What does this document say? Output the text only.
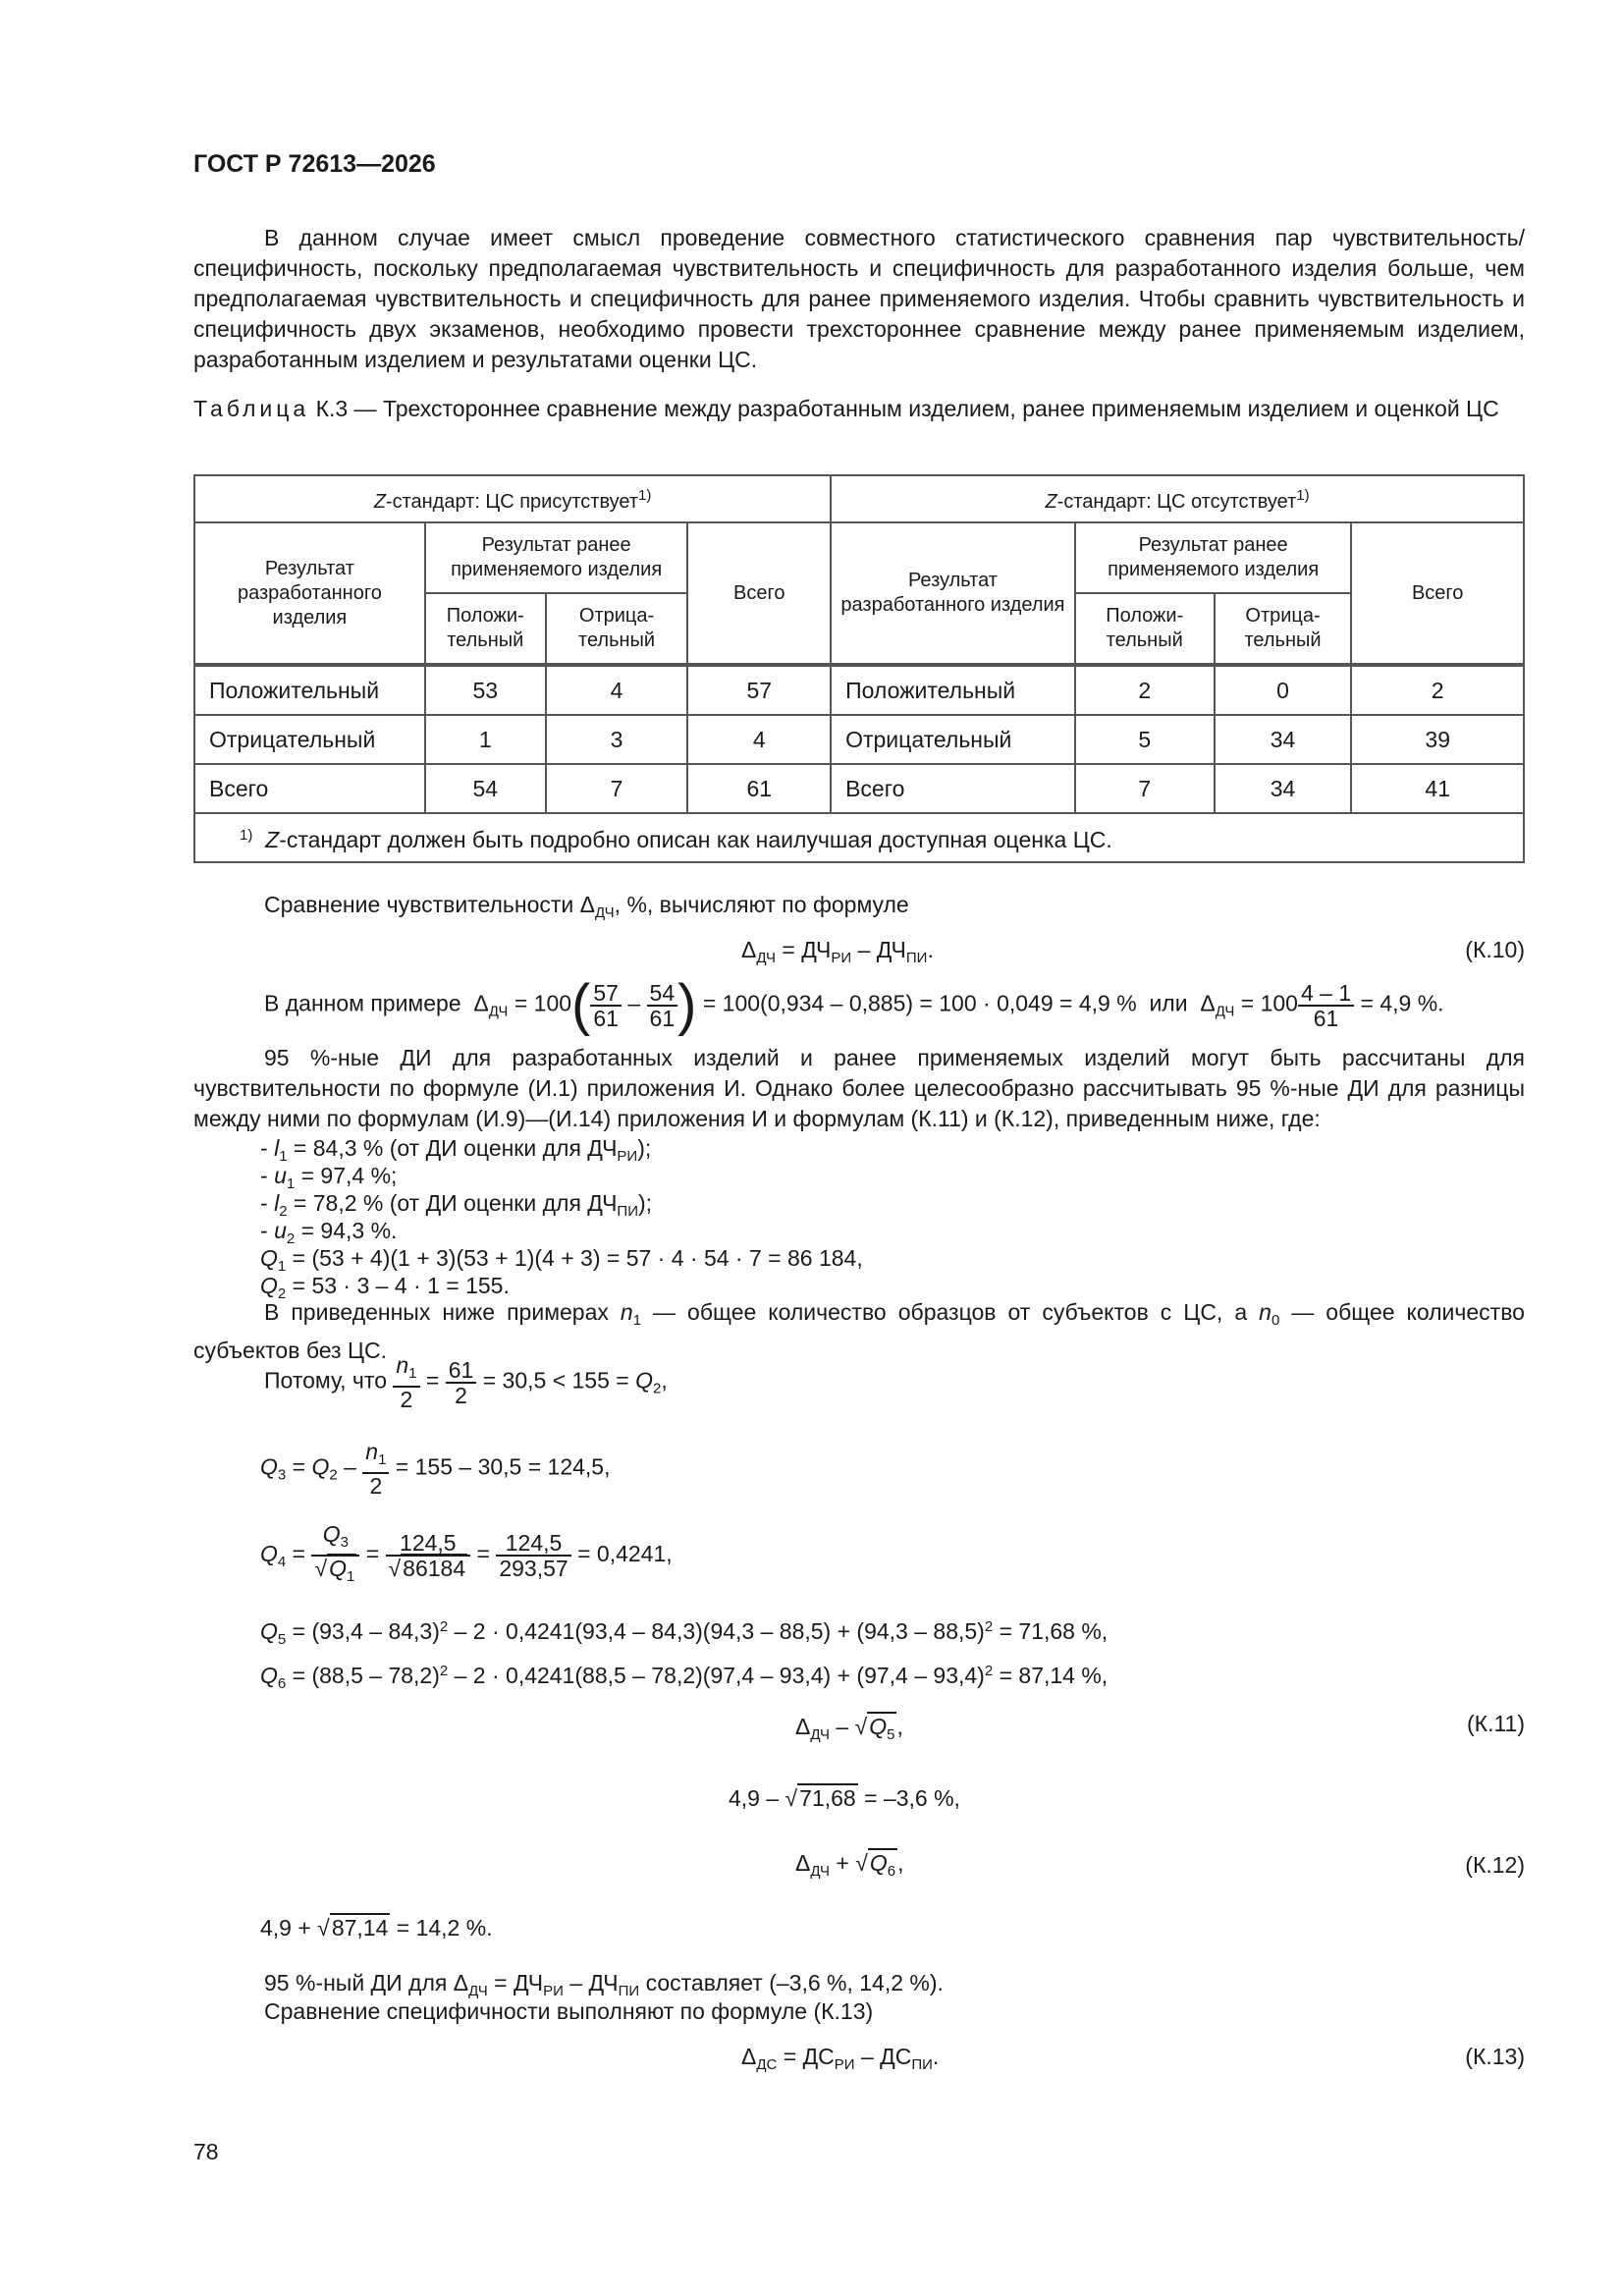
ГОСТ Р 72613—2026
В данном случае имеет смысл проведение совместного статистического сравнения пар чувствительность/специфичность, поскольку предполагаемая чувствительность и специфичность для разработанного изделия больше, чем предполагаемая чувствительность и специфичность для ранее применяемого изделия. Чтобы сравнить чувствительность и специфичность двух экзаменов, необходимо провести трехстороннее сравнение между ранее применяемым изделием, разработанным изделием и результатами оценки ЦС.
Таблица К.3 — Трехстороннее сравнение между разработанным изделием, ранее применяемым изделием и оценкой ЦС
Z-стандарт: ЦС присутствует$^{1)}$				Z-стандарт: ЦС отсутствует$^{1)}$
Результат разработанного изделия	Результат ранее применяемого изделия		Всего	Результат разработанного изделия	Результат ранее применяемого изделия		Всего
	Положи-тельный	Отрица-тельный			Положи-тельный	Отрица-тельный	
Положительный	53	4	57	Положительный	2	0	2
Отрицательный	1	3	4	Отрицательный	5	34	39
Всего	54	7	61	Всего	7	34	41
$^{1)}$ Z-стандарт должен быть подробно описан как наилучшая доступная оценка ЦС.							
Сравнение чувствительности $\Delta_{ДЧ}$, %, вычисляют по формуле
$\Delta_{ДЧ} = ДЧ_{РИ} - ДЧ_{ПИ}$.	(К.10)
В данном примере  $\Delta_{ДЧ} = 100( \frac{57}{61} - \frac{54}{61}$ ) = 100(0,934 – 0,885) = 100 · 0,049 = 4,9 %  или  $\Delta_{ДЧ} = 100 \frac{4 - 1}{61} = 4,9$ %.
95 %-ные ДИ для разработанных изделий и ранее применяемых изделий могут быть рассчитаны для чувствительности по формуле (И.1) приложения И. Однако более целесообразно рассчитывать 95 %-ные ДИ для разницы между ними по формулам (И.9)—(И.14) приложения И и формулам (К.11) и (К.12), приведенным ниже, где:
- $l_1 = 84,3$ % (от ДИ оценки для $ДЧ_{РИ}$);
- $u_1 = 97,4$ %;
- $l_2 = 78,2$ % (от ДИ оценки для $ДЧ_{ПИ}$);
- $u_2 = 94,3$ %.
$Q_1 = (53 + 4)(1 + 3)(53 + 1)(4 + 3) = 57 \cdot 4 \cdot 54 \cdot 7 = 86$ 184,
$Q_2 = 53 \cdot 3 - 4 \cdot 1 = 155$.
В приведенных ниже примерах $n_1$ — общее количество образцов от субъектов с ЦС, а $n_0$ — общее количество субъектов без ЦС.
Потому, что $\frac{n_1}{2} = \frac{61}{2} = 30,5 < 155 = Q_2$,
$Q_3 = Q_2 - \frac{n_1}{2} = 155 - 30,5 = 124,5$,
$Q_4 = \frac{Q_3}{√Q_1} = \frac{124,5}{√86184} = \frac{124,5}{293,57} = 0,4241$,
$Q_5 = (93,4 - 84,3)^2 - 2 \cdot 0,4241(93,4 - 84,3)(94,3 - 88,5) + (94,3 - 88,5)^2 = 71,68$ %,
$Q_6 = (88,5 - 78,2)^2 - 2 \cdot 0,4241(88,5 - 78,2)(97,4 - 93,4) + (97,4 - 93,4)^2 = 87,14$ %,
$\Delta_{ДЧ} - √Q_5$,	(К.11)
4,9 – √71,68 = –3,6 %,
$\Delta_{ДЧ} + √Q_6$,	(К.12)
4,9 + √87,14 = 14,2 %.
95 %-ный ДИ для $\Delta_{ДЧ} = ДЧ_{РИ} - ДЧ_{ПИ}$ составляет (–3,6 %, 14,2 %).
Сравнение специфичности выполняют по формуле (К.13)
$\Delta_{ДС} = ДС_{РИ} - ДС_{ПИ}$.	(К.13)
78
